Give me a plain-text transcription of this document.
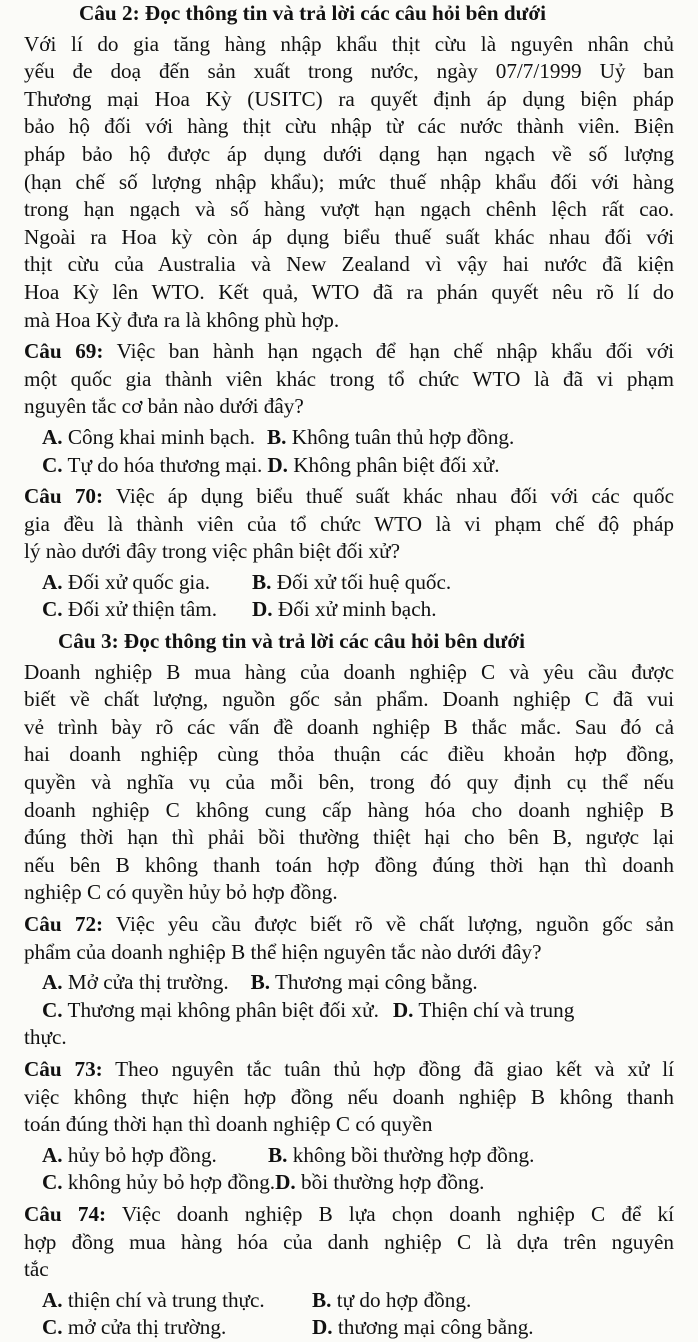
Câu 2: Đọc thông tin và trả lời các câu hỏi bên dưới
Với lí do gia tăng hàng nhập khẩu thịt cừu là nguyên nhân chủ
yếu đe doạ đến sản xuất trong nước, ngày 07/7/1999 Uỷ ban
Thương mại Hoa Kỳ (USITC) ra quyết định áp dụng biện pháp
bảo hộ đối với hàng thịt cừu nhập từ các nước thành viên. Biện
pháp bảo hộ được áp dụng dưới dạng hạn ngạch về số lượng
(hạn chế số lượng nhập khẩu); mức thuế nhập khẩu đối với hàng
trong hạn ngạch và số hàng vượt hạn ngạch chênh lệch rất cao.
Ngoài ra Hoa kỳ còn áp dụng biểu thuế suất khác nhau đối với
thịt cừu của Australia và New Zealand vì vậy hai nước đã kiện
Hoa Kỳ lên WTO. Kết quả, WTO đã ra phán quyết nêu rõ lí do
mà Hoa Kỳ đưa ra là không phù hợp.
Câu 69: Việc ban hành hạn ngạch để hạn chế nhập khẩu đối với
một quốc gia thành viên khác trong tổ chức WTO là đã vi phạm
nguyên tắc cơ bản nào dưới đây?
A. Công khai minh bạch. B. Không tuân thủ hợp đồng.
C. Tự do hóa thương mại. D. Không phân biệt đối xử.
Câu 70: Việc áp dụng biểu thuế suất khác nhau đối với các quốc
gia đều là thành viên của tổ chức WTO là vi phạm chế độ pháp
lý nào dưới đây trong việc phân biệt đối xử?
A. Đối xử quốc gia. B. Đối xử tối huệ quốc.
C. Đối xử thiện tâm. D. Đối xử minh bạch.
Câu 3: Đọc thông tin và trả lời các câu hỏi bên dưới
Doanh nghiệp B mua hàng của doanh nghiệp C và yêu cầu được
biết về chất lượng, nguồn gốc sản phẩm. Doanh nghiệp C đã vui
vẻ trình bày rõ các vấn đề doanh nghiệp B thắc mắc. Sau đó cả
hai doanh nghiệp cùng thỏa thuận các điều khoản hợp đồng,
quyền và nghĩa vụ của mỗi bên, trong đó quy định cụ thể nếu
doanh nghiệp C không cung cấp hàng hóa cho doanh nghiệp B
đúng thời hạn thì phải bồi thường thiệt hại cho bên B, ngược lại
nếu bên B không thanh toán hợp đồng đúng thời hạn thì doanh
nghiệp C có quyền hủy bỏ hợp đồng.
Câu 72: Việc yêu cầu được biết rõ về chất lượng, nguồn gốc sản
phẩm của doanh nghiệp B thể hiện nguyên tắc nào dưới đây?
A. Mở cửa thị trường. B. Thương mại công bằng.
C. Thương mại không phân biệt đối xử. D. Thiện chí và trung
thực.
Câu 73: Theo nguyên tắc tuân thủ hợp đồng đã giao kết và xử lí
việc không thực hiện hợp đồng nếu doanh nghiệp B không thanh
toán đúng thời hạn thì doanh nghiệp C có quyền
A. hủy bỏ hợp đồng. B. không bồi thường hợp đồng.
C. không hủy bỏ hợp đồng.D. bồi thường hợp đồng.
Câu 74: Việc doanh nghiệp B lựa chọn doanh nghiệp C để kí
hợp đồng mua hàng hóa của danh nghiệp C là dựa trên nguyên
tắc
A. thiện chí và trung thực. B. tự do hợp đồng.
C. mở cửa thị trường.	D. thương mại công bằng.
